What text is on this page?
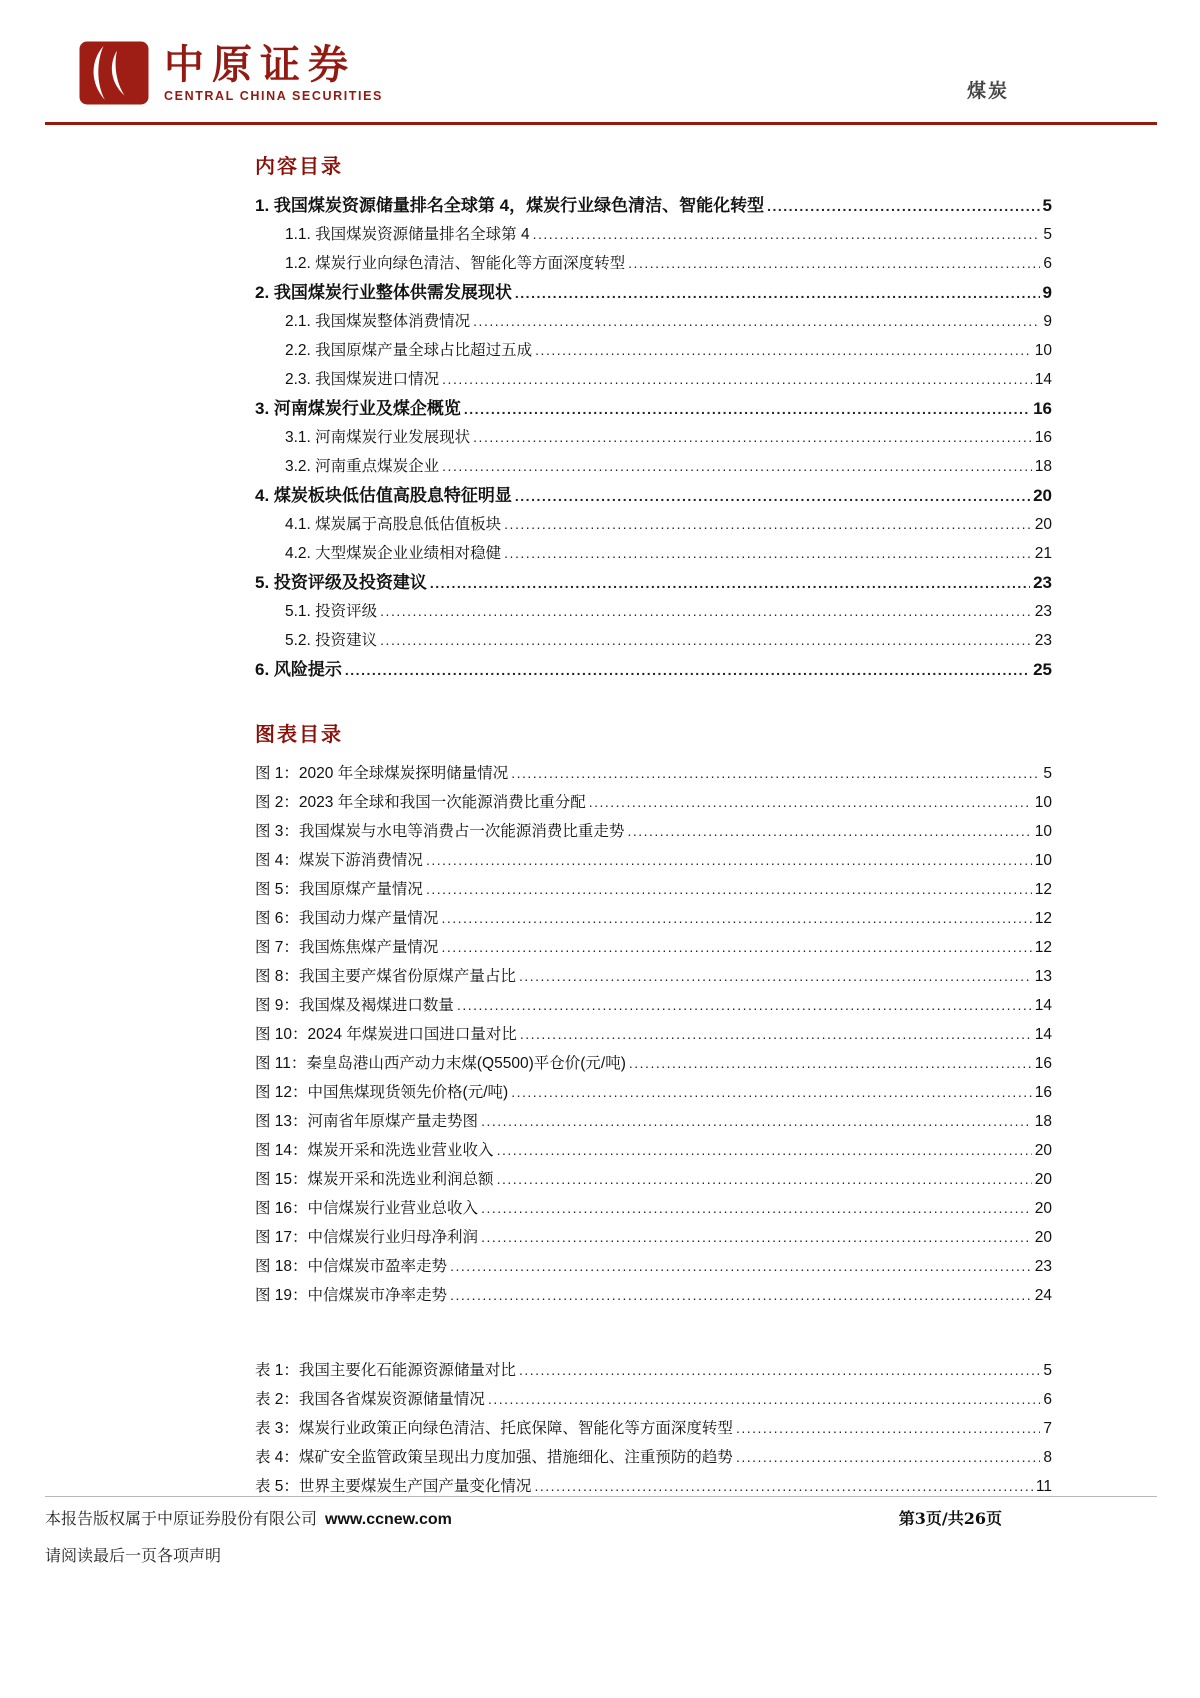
中原证券
CENTRAL CHINA SECURITIES	煤炭
内容目录
1. 我国煤炭资源储量排名全球第 4，煤炭行业绿色清洁、智能化转型 .....	5
1.1. 我国煤炭资源储量排名全球第 4 .....	5
1.2. 煤炭行业向绿色清洁、智能化等方面深度转型 .....	6
2. 我国煤炭行业整体供需发展现状 .....	9
2.1. 我国煤炭整体消费情况 .....	9
2.2. 我国原煤产量全球占比超过五成 .....	10
2.3. 我国煤炭进口情况 .....	14
3. 河南煤炭行业及煤企概览 .....	16
3.1. 河南煤炭行业发展现状 .....	16
3.2. 河南重点煤炭企业 .....	18
4. 煤炭板块低估值高股息特征明显 .....	20
4.1. 煤炭属于高股息低估值板块 .....	20
4.2. 大型煤炭企业业绩相对稳健 .....	21
5. 投资评级及投资建议 .....	23
5.1. 投资评级 .....	23
5.2. 投资建议 .....	23
6. 风险提示 .....	25
图表目录
图 1：2020 年全球煤炭探明储量情况 .....	5
图 2：2023 年全球和我国一次能源消费比重分配 .....	10
图 3：我国煤炭与水电等消费占一次能源消费比重走势 .....	10
图 4：煤炭下游消费情况 .....	10
图 5：我国原煤产量情况 .....	12
图 6：我国动力煤产量情况 .....	12
图 7：我国炼焦煤产量情况 .....	12
图 8：我国主要产煤省份原煤产量占比 .....	13
图 9：我国煤及褐煤进口数量 .....	14
图 10：2024 年煤炭进口国进口量对比 .....	14
图 11：秦皇岛港山西产动力末煤(Q5500)平仓价(元/吨) .....	16
图 12：中国焦煤现货领先价格(元/吨) .....	16
图 13：河南省年原煤产量走势图 .....	18
图 14：煤炭开采和洗选业营业收入 .....	20
图 15：煤炭开采和洗选业利润总额 .....	20
图 16：中信煤炭行业营业总收入 .....	20
图 17：中信煤炭行业归母净利润 .....	20
图 18：中信煤炭市盈率走势 .....	23
图 19：中信煤炭市净率走势 .....	24
表 1：我国主要化石能源资源储量对比 .....	5
表 2：我国各省煤炭资源储量情况 .....	6
表 3：煤炭行业政策正向绿色清洁、托底保障、智能化等方面深度转型 .....	7
表 4：煤矿安全监管政策呈现出力度加强、措施细化、注重预防的趋势 .....	8
表 5：世界主要煤炭生产国产量变化情况 .....	11
本报告版权属于中原证券股份有限公司 www.ccnew.com
请阅读最后一页各项声明
第3页/共26页
